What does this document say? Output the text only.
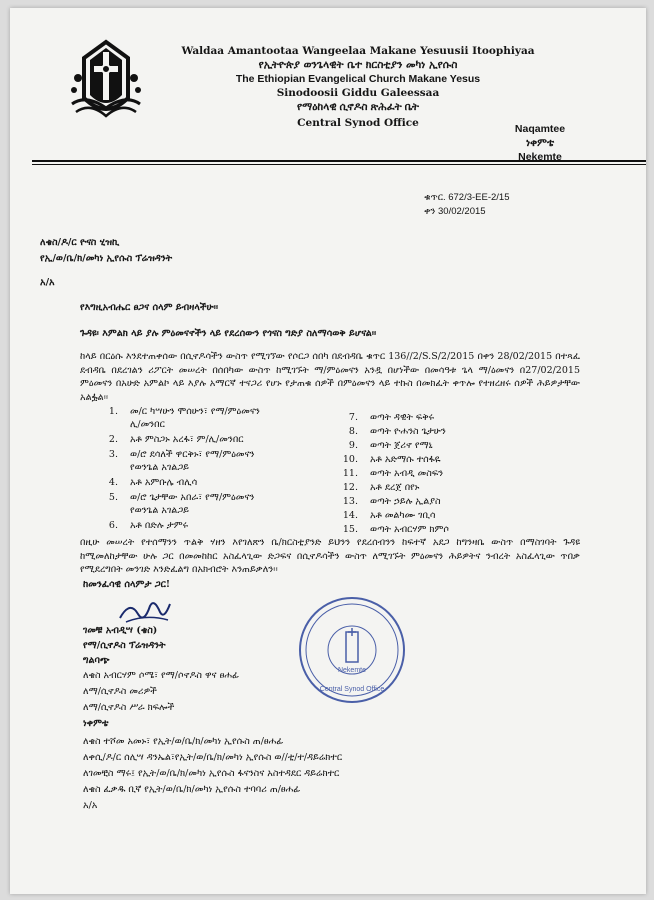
Waldaa Amantootaa Wangeelaa Makane Yesuusii Itoophiyaa
የኢትዮጵያ ወንጌላዊት ቤተ ክርስቲያን መካነ ኢየሱስ
The Ethiopian Evangelical Church Makane Yesus
Sinodoosii Giddu Galeessaa
የማዕከላዊ ሲኖዶስ ጽሕፈት ቤት
Central Synod Office	Naqamtee
ነቀምቴ
Nekemte
ቁጥር. 672/3-EE-2/15
ቀን 30/02/2015
ለቄስ/ዶ/ር ዮናስ ሂዝኪ
የኢ/ወ/ቤ/ክ/መካነ ኢየሱስ ፕሬዝዳንት
አ/አ
የእግዚአብሔር ፀጋና ሰላም ይብዛላችሁ፡፡
ጉዳዩ፡ እምልክ ላይ ያሉ ምዕመናኖችን ላይ የደረሰውን የጎናስ ግድያ ስለማሳወቅ ይሆናል፡፡
ከላይ በርዕሱ እንደተጠቀሰው በሲኖዶሳችን ውስጥ የሚገኘው የሶርጋ ሰበካ በደብዳቤ ቁጥር 136//2/S.S/2/2015 በቀን 28/02/2015 በተጻፈ ደብዳቤ በደረገልን ሪፖርት መሠረት በሰበካው ውስጥ ከሚገኙት ማ/ምዕመናን አንዷ በሆነችው በመሳዓቱ ጌላ ማ/ዕመናን በ27/02/2015 ምዕመናን በአሁድ አምልኮ ላይ እያሉ አማርኛ ተናጋሪ የሆኑ የታጠቁ ሰዎች በምዕመናን ላይ ተኩስ በመክፈት ቀጥሎ የተዘረዘሩ ሰዎች ሕይዎታቸው አልፏል፡፡
1. መ/ር ካሣሁን ሞሰሁን፣ የማ/ምዕመናን
ሊ/መንበር
2. አቶ ምስጋኑ አረፋ፣ ም/ሊ/መንበር
3. ወ/ሮ ደሳለች ዋርቅኑ፣ የማ/ምዕመናን
የወንጌል አገልጋይ
4. አቶ አምቡሌ ብሊሳ
5. ወ/ሮ ጌታቸው አበራ፣ የማ/ምዕመናን
የወንጌል አገልጋይ
6. አቶ በድሉ ታምሩ
7. ወጣት ዳዊት ፍቅሩ
8. ወጣት ዮሐንስ ጌታሁን
9. ወጣት ጀሪኖ የማኒ
10. አቶ አድማሱ ተሰፋዬ
11. ወጣት አብዲ መስፍን
12. አቶ ደረጀ በየኑ
13. ወጣት ኃይሉ ኢልያስ
14. አቶ መልካሙ ገቢሳ
15. ወጣት አብርሃም ክምሶ
በዚሁ መሠረት የተሰማንን ጥልቅ ሃዘን እየገለጽን ቤ/ክርስቲያንድ ይህንን የደረሰብንን ከፍተኛ አደጋ ከግንዛቤ ውስጥ በማስገባት ጉዳዩ ከሚመለከታቸው ሁሉ ጋር በመመከከር አስፈላጊው ድጋፍና በሲኖዶሳችን ውስጥ ለሚገኙት ምዕመናን ሕይዎትና ንብረት አስፈላጊው ጥበቃ የሚደረግበት መንገድ እንድፈልግ በአክብሮት እንጠይቃለን፡፡
ከመንፈሳዊ ሰላምታ ጋር!
ገመቹ አብዲሣ (ቄስ)
የማ/ሲኖዶስ ፕሬዝዳንት
ግልባጭ
Nekemte
Central Synod Office
ለቄስ አብርሃም ሶሜ፣ የማ/ሶኖዶስ ዋና ፀሐፊ
ለማ/ሲኖዶስ መሪዎች
ለማ/ሲኖዶስ ሥራ ክፍሎች
ነቀምቴ
ለቄስ ተሾመ አመኑ፣ የኢት/ወ/ቤ/ክ/መካነ ኢየሱስ ጠ/ፀሐፊ
ለቀሲ/ዶ/ር ሰሊሣ ዳንኤል፣የኢት/ወ/ቤ/ክ/መካነ ኢየሱስ ወ//ቲ/ተ/ዳይሬክተር
ለገመቺስ ማሩ፤ የኢት/ወ/ቤ/ክ/መካነ ኢየሱስ ፋናንስና አስተዳደር ዳይሬክተር
ለቄስ ፈቃዱ ቢኛ የኢት/ወ/ቤ/ክ/መካነ ኢየሱስ ተባባሪ ጠ/ፀሐፊ
አ/አ
